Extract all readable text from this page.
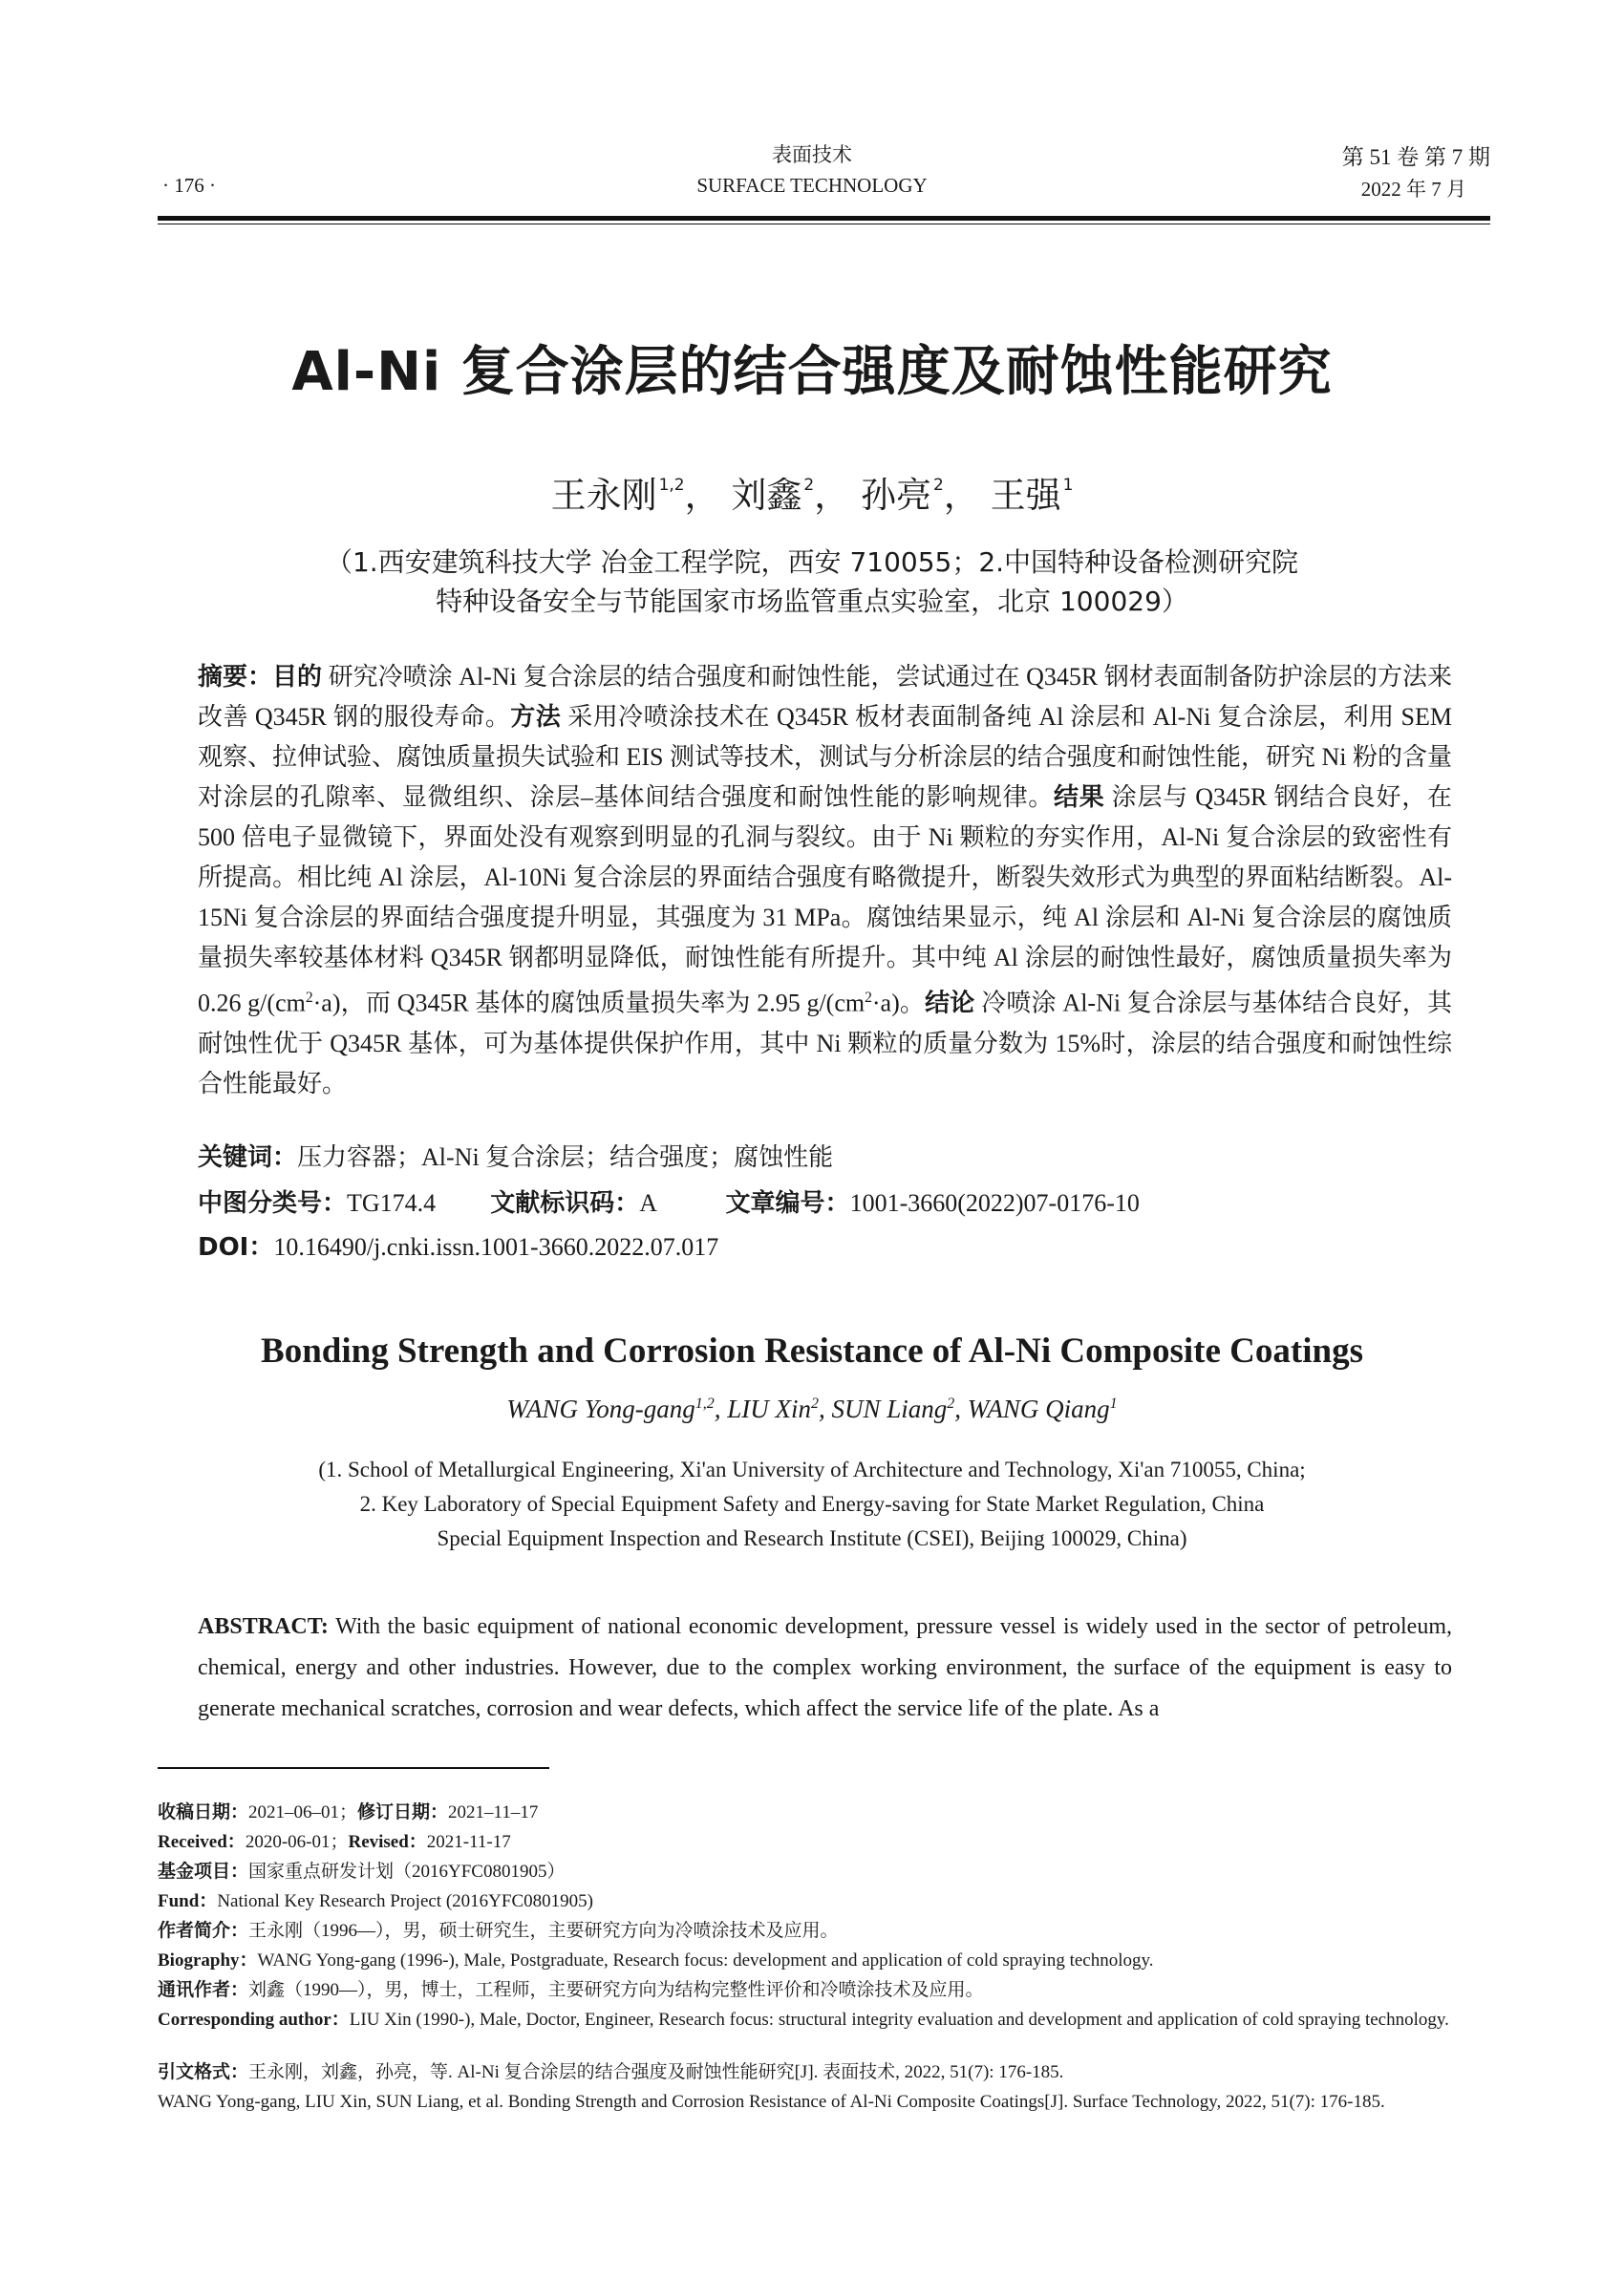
· 176 ·
表面技术
SURFACE TECHNOLOGY
第 51 卷 第 7 期
2022 年 7 月
Al-Ni 复合涂层的结合强度及耐蚀性能研究
王永刚 $^{1,2}$， 刘鑫 $^2$， 孙亮 $^2$， 王强 $^1$
（1.西安建筑科技大学 冶金工程学院，西安 710055；2.中国特种设备检测研究院
特种设备安全与节能国家市场监管重点实验室，北京 100029）
摘要：目的 研究冷喷涂 Al-Ni 复合涂层的结合强度和耐蚀性能，尝试通过在 Q345R 钢材表面制备防护涂层的方法来改善 Q345R 钢的服役寿命。方法 采用冷喷涂技术在 Q345R 板材表面制备纯 Al 涂层和 Al-Ni 复合涂层，利用 SEM 观察、拉伸试验、腐蚀质量损失试验和 EIS 测试等技术，测试与分析涂层的结合强度和耐蚀性能，研究 Ni 粉的含量对涂层的孔隙率、显微组织、涂层–基体间结合强度和耐蚀性能的影响规律。结果 涂层与 Q345R 钢结合良好，在 500 倍电子显微镜下，界面处没有观察到明显的孔洞与裂纹。由于 Ni 颗粒的夯实作用，Al-Ni 复合涂层的致密性有所提高。相比纯 Al 涂层，Al-10Ni 复合涂层的界面结合强度有略微提升，断裂失效形式为典型的界面粘结断裂。Al-15Ni 复合涂层的界面结合强度提升明显，其强度为 31 MPa。腐蚀结果显示，纯 Al 涂层和 Al-Ni 复合涂层的腐蚀质量损失率较基体材料 Q345R 钢都明显降低，耐蚀性能有所提升。其中纯 Al 涂层的耐蚀性最好，腐蚀质量损失率为 0.26 $g/(cm^2\cdot a)$，而 Q345R 基体的腐蚀质量损失率为 2.95 $g/(cm^2\cdot a)$。结论 冷喷涂 Al-Ni 复合涂层与基体结合良好，其耐蚀性优于 Q345R 基体，可为基体提供保护作用，其中 Ni 颗粒的质量分数为 15%时，涂层的结合强度和耐蚀性综合性能最好。
关键词：压力容器；Al-Ni 复合涂层；结合强度；腐蚀性能
中图分类号：TG174.4 文献标识码：A	文章编号：1001-3660(2022)07-0176-10
DOI：10.16490/j.cnki.issn.1001-3660.2022.07.017
Bonding Strength and Corrosion Resistance of Al-Ni Composite Coatings
WANG Yong-gang$^{1,2}$, LIU Xin$^2$, SUN Liang$^2$, WANG Qiang$^1$
(1. School of Metallurgical Engineering, Xi'an University of Architecture and Technology, Xi'an 710055, China;
2. Key Laboratory of Special Equipment Safety and Energy-saving for State Market Regulation, China
Special Equipment Inspection and Research Institute (CSEI), Beijing 100029, China)
ABSTRACT: With the basic equipment of national economic development, pressure vessel is widely used in the sector of petroleum, chemical, energy and other industries. However, due to the complex working environment, the surface of the equipment is easy to generate mechanical scratches, corrosion and wear defects, which affect the service life of the plate. As a
收稿日期：2021–06–01；修订日期：2021–11–17
Received：2020-06-01；Revised：2021-11-17
基金项目：国家重点研发计划（2016YFC0801905）
Fund：National Key Research Project (2016YFC0801905)
作者简介：王永刚（1996—），男，硕士研究生，主要研究方向为冷喷涂技术及应用。
Biography：WANG Yong-gang (1996-), Male, Postgraduate, Research focus: development and application of cold spraying technology.
通讯作者：刘鑫（1990—），男，博士，工程师，主要研究方向为结构完整性评价和冷喷涂技术及应用。
Corresponding author：LIU Xin (1990-), Male, Doctor, Engineer, Research focus: structural integrity evaluation and development and application of cold spraying technology.
引文格式：王永刚，刘鑫，孙亮，等. Al-Ni 复合涂层的结合强度及耐蚀性能研究[J]. 表面技术, 2022, 51(7): 176-185.
WANG Yong-gang, LIU Xin, SUN Liang, et al. Bonding Strength and Corrosion Resistance of Al-Ni Composite Coatings[J]. Surface Technology, 2022, 51(7): 176-185.
